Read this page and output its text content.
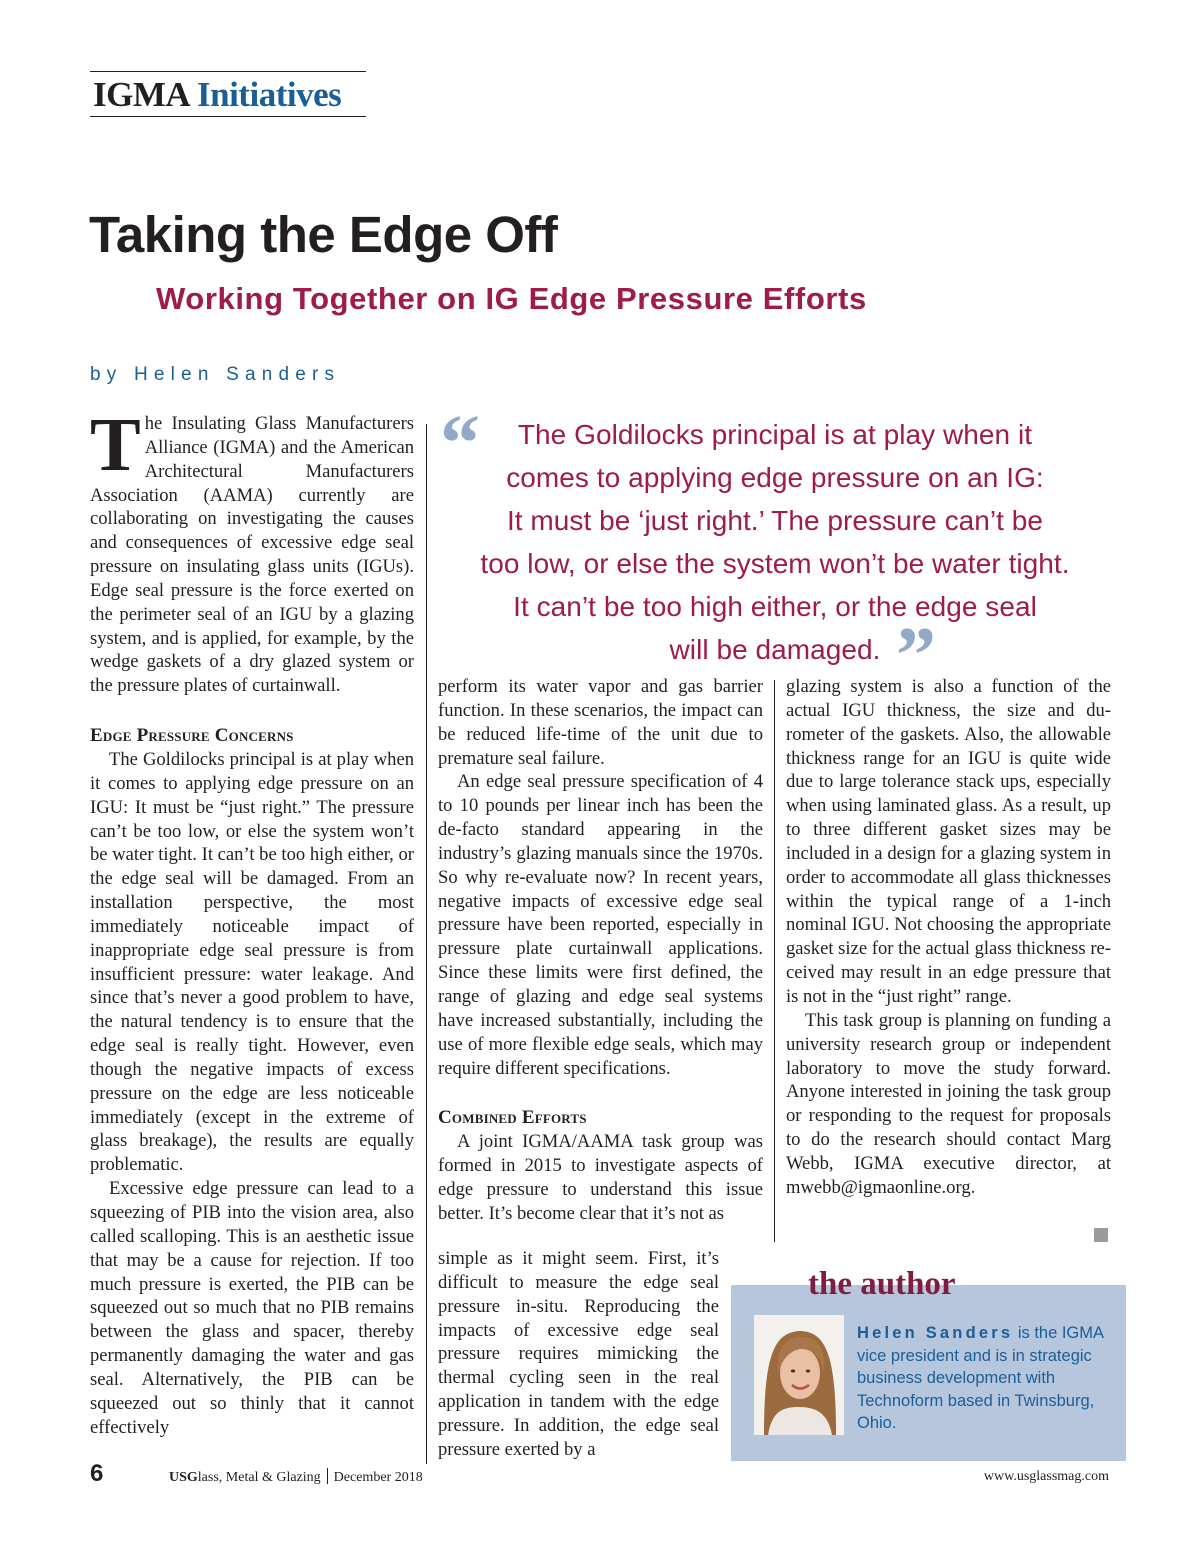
IGMA Initiatives
Taking the Edge Off
Working Together on IG Edge Pressure Efforts
by Helen Sanders

The Insulating Glass Manufacturers Alliance (IGMA) and the American Architectural Manufacturers Association (AAMA) currently are collaborating on investigating the causes and consequences of excessive edge seal pressure on insulating glass units (IGUs). Edge seal pressure is the force exerted on the perimeter seal of an IGU by a glazing system, and is applied, for example, by the wedge gaskets of a dry glazed system or the pressure plates of curtainwall.

Edge Pressure Concerns

The Goldilocks principal is at play when it comes to applying edge pressure on an IGU: It must be “just right.” The pressure can’t be too low, or else the system won’t be water tight. It can’t be too high either, or the edge seal will be damaged. From an installation perspective, the most immediately noticeable impact of inappropriate edge seal pressure is from insufficient pressure: water leakage. And since that’s never a good problem to have, the natural tendency is to ensure that the edge seal is really tight. However, even though the negative impacts of excess pressure on the edge are less noticeable immediately (except in the extreme of glass breakage), the results are equally problematic.

Excessive edge pressure can lead to a squeezing of PIB into the vision area, also called scalloping. This is an aesthetic issue that may be a cause for rejection. If too much pressure is exerted, the PIB can be squeezed out so much that no PIB remains between the glass and spacer, thereby permanently damaging the water and gas seal. Alternatively, the PIB can be squeezed out so thinly that it cannot effectively

“	The Goldilocks principal is at play when it
comes to applying edge pressure on an IG:
It must be ‘just right.’ The pressure can’t be
too low, or else the system won’t be water tight.
It can’t be too high either, or the edge seal
will be damaged. ”

perform its water vapor and gas barrier function. In these scenarios, the impact can be reduced life-time of the unit due to premature seal failure.

An edge seal pressure specification of 4 to 10 pounds per linear inch has been the de-facto standard appearing in the industry’s glazing manuals since the 1970s. So why re-evaluate now? In recent years, negative impacts of excessive edge seal pressure have been reported, especially in pressure plate curtainwall applications. Since these limits were first defined, the range of glazing and edge seal systems have increased substantially, including the use of more flexible edge seals, which may require different specifications.

Combined Efforts

A joint IGMA/AAMA task group was formed in 2015 to investigate aspects of edge pressure to understand this issue better. It’s become clear that it’s not as

simple as it might seem. First, it’s difficult to measure the edge seal pressure in-situ. Reproducing the impacts of excessive edge seal pressure requires mimicking the thermal cycling seen in the real application in tandem with the edge pressure. In addition, the edge seal pressure exerted by a

glazing system is also a function of the actual IGU thickness, the size and durometer of the gaskets. Also, the allowable thickness range for an IGU is quite wide due to large tolerance stack ups, especially when using laminated glass. As a result, up to three different gasket sizes may be included in a design for a glazing system in order to accommodate all glass thicknesses within the typical range of a 1-inch nominal IGU. Not choosing the appropriate gasket size for the actual glass thickness received may result in an edge pressure that is not in the “just right” range.

This task group is planning on funding a university research group or independent laboratory to move the study forward. Anyone interested in joining the task group or responding to the request for proposals to do the research should contact Marg Webb, IGMA executive director, at mwebb@igmaonline.org.

the author
Helen Sanders is the IGMA vice president and is in strategic business development with Technoform based in Twinsburg, Ohio.
6	USGlass, Metal & Glazing December 2018	www.usglassmag.com
